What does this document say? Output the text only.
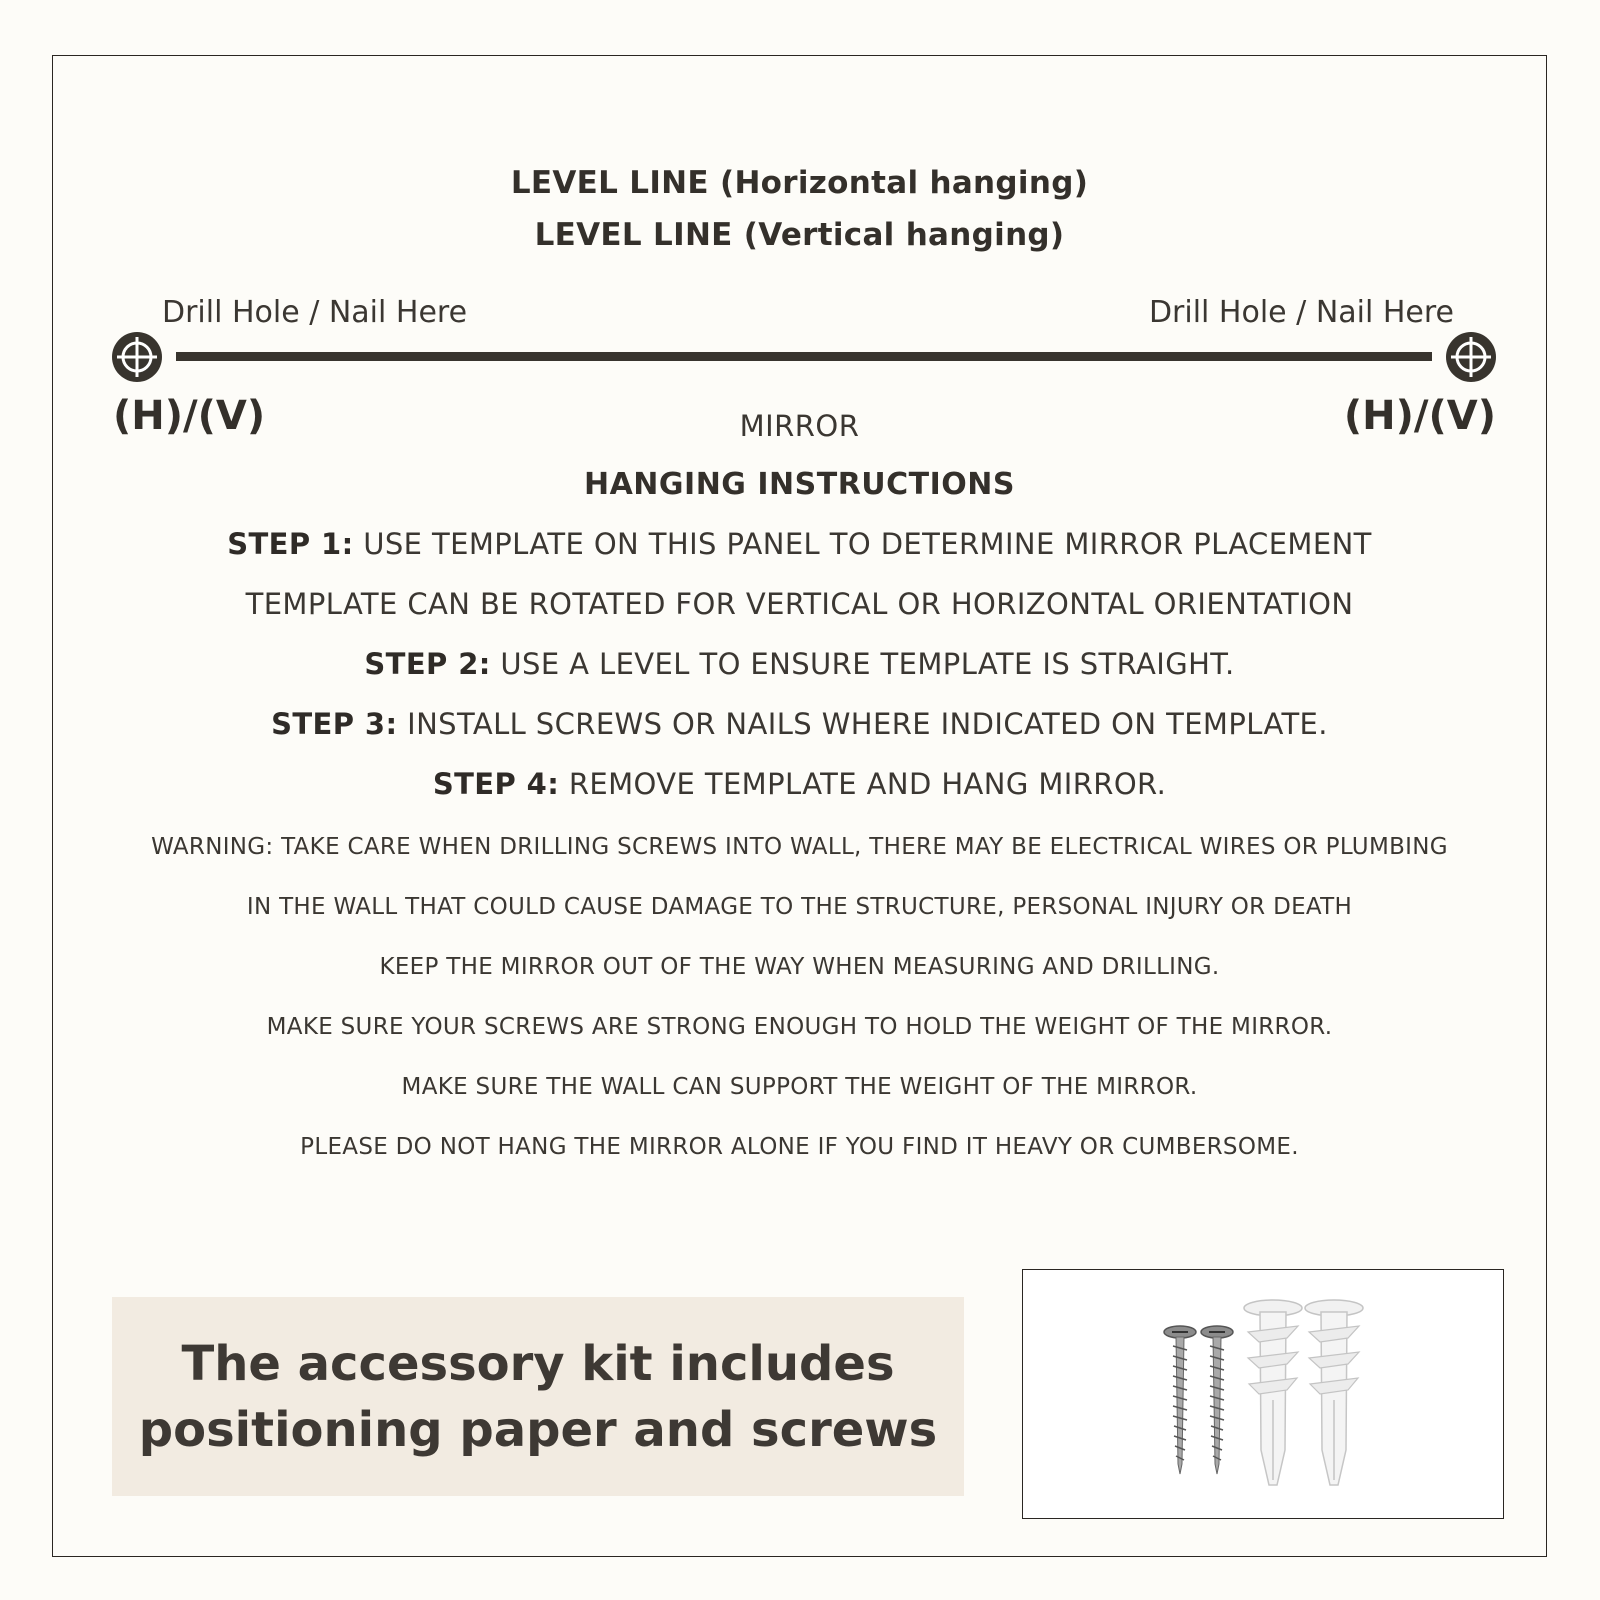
LEVEL LINE (Horizontal hanging)
LEVEL LINE (Vertical hanging)
Drill Hole / Nail Here	Drill Hole / Nail Here
(H)/(V)	(H)/(V)
MIRROR
HANGING INSTRUCTIONS
STEP 1: USE TEMPLATE ON THIS PANEL TO DETERMINE MIRROR PLACEMENT
TEMPLATE CAN BE ROTATED FOR VERTICAL OR HORIZONTAL ORIENTATION
STEP 2: USE A LEVEL TO ENSURE TEMPLATE IS STRAIGHT.
STEP 3: INSTALL SCREWS OR NAILS WHERE INDICATED ON TEMPLATE.
STEP 4: REMOVE TEMPLATE AND HANG MIRROR.
WARNING: TAKE CARE WHEN DRILLING SCREWS INTO WALL, THERE MAY BE ELECTRICAL WIRES OR PLUMBING
IN THE WALL THAT COULD CAUSE DAMAGE TO THE STRUCTURE, PERSONAL INJURY OR DEATH
KEEP THE MIRROR OUT OF THE WAY WHEN MEASURING AND DRILLING.
MAKE SURE YOUR SCREWS ARE STRONG ENOUGH TO HOLD THE WEIGHT OF THE MIRROR.
MAKE SURE THE WALL CAN SUPPORT THE WEIGHT OF THE MIRROR.
PLEASE DO NOT HANG THE MIRROR ALONE IF YOU FIND IT HEAVY OR CUMBERSOME.
The accessory kit includes
positioning paper and screws
